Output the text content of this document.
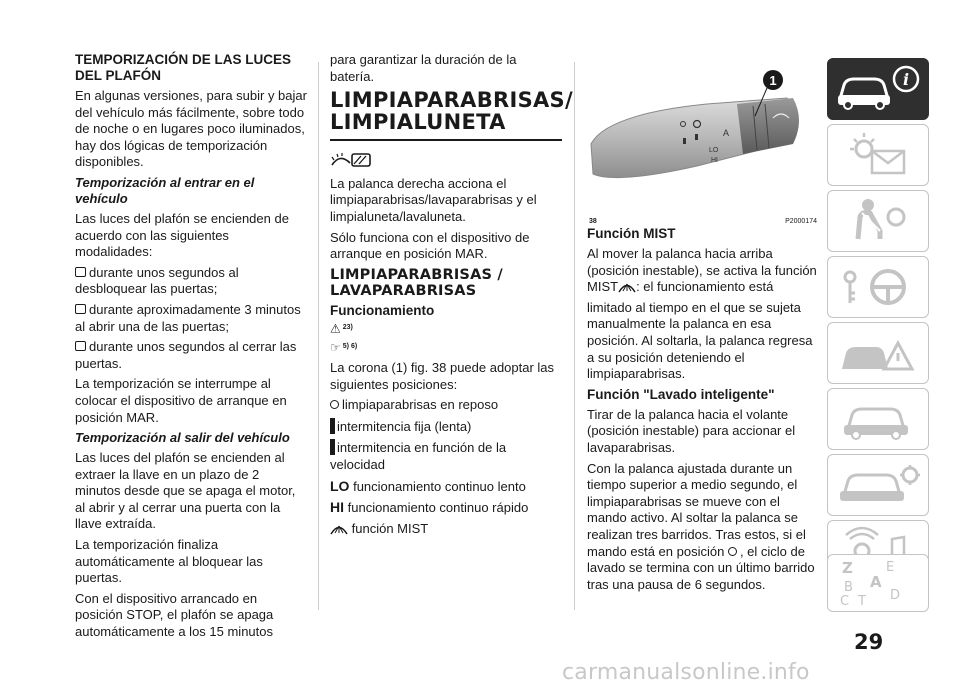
TEMPORIZACIÓN DE LAS LUCES DEL PLAFÓN

En algunas versiones, para subir y bajar del vehículo más fácilmente, sobre todo de noche o en lugares poco iluminados, hay dos lógicas de temporización disponibles.

Temporización al entrar en el vehículo

Las luces del plafón se encienden de acuerdo con las siguientes modalidades:

durante unos segundos al desbloquear las puertas;

durante aproximadamente 3 minutos al abrir una de las puertas;

durante unos segundos al cerrar las puertas.

La temporización se interrumpe al colocar el dispositivo de arranque en posición MAR.

Temporización al salir del vehículo

Las luces del plafón se encienden al extraer la llave en un plazo de 2 minutos desde que se apaga el motor, al abrir y al cerrar una puerta con la llave extraída.

La temporización finaliza automáticamente al bloquear las puertas.

Con el dispositivo arrancado en posición STOP, el plafón se apaga automáticamente a los 15 minutos

para garantizar la duración de la batería.

LIMPIAPARABRISAS/ LIMPIALUNETA

La palanca derecha acciona el limpiaparabrisas/lavaparabrisas y el limpialuneta/lavaluneta.

Sólo funciona con el dispositivo de arranque en posición MAR.

LIMPIAPARABRISAS / LAVAPARABRISAS

Funcionamiento

⚠ $^{23)}$

☞ $^{5)}$ $^{6)}$

La corona (1) fig. 38 puede adoptar las siguientes posiciones:

limpiaparabrisas en reposo

intermitencia fija (lenta)

intermitencia en función de la velocidad

LO funcionamiento continuo lento

HI funcionamiento continuo rápido

función MIST

A
LO
HI
1
38	P2000174

Función MIST

Al mover la palanca hacia arriba (posición inestable), se activa la función MIST : el funcionamiento está limitado al tiempo en el que se sujeta manualmente la palanca en esa posición. Al soltarla, la palanca regresa a su posición deteniendo el limpiaparabrisas.

Función "Lavado inteligente"

Tirar de la palanca hacia el volante (posición inestable) para accionar el lavaparabrisas.

Con la palanca ajustada durante un tiempo superior a medio segundo, el limpiaparabrisas se mueve con el mando activo. Al soltar la palanca se realizan tres barridos. Tras estos, si el mando está en posición , el ciclo de lavado se termina con un último barrido tras una pausa de 6 segundos.

i
Z	E
A
B
C T D
29
carmanualsonline.info
